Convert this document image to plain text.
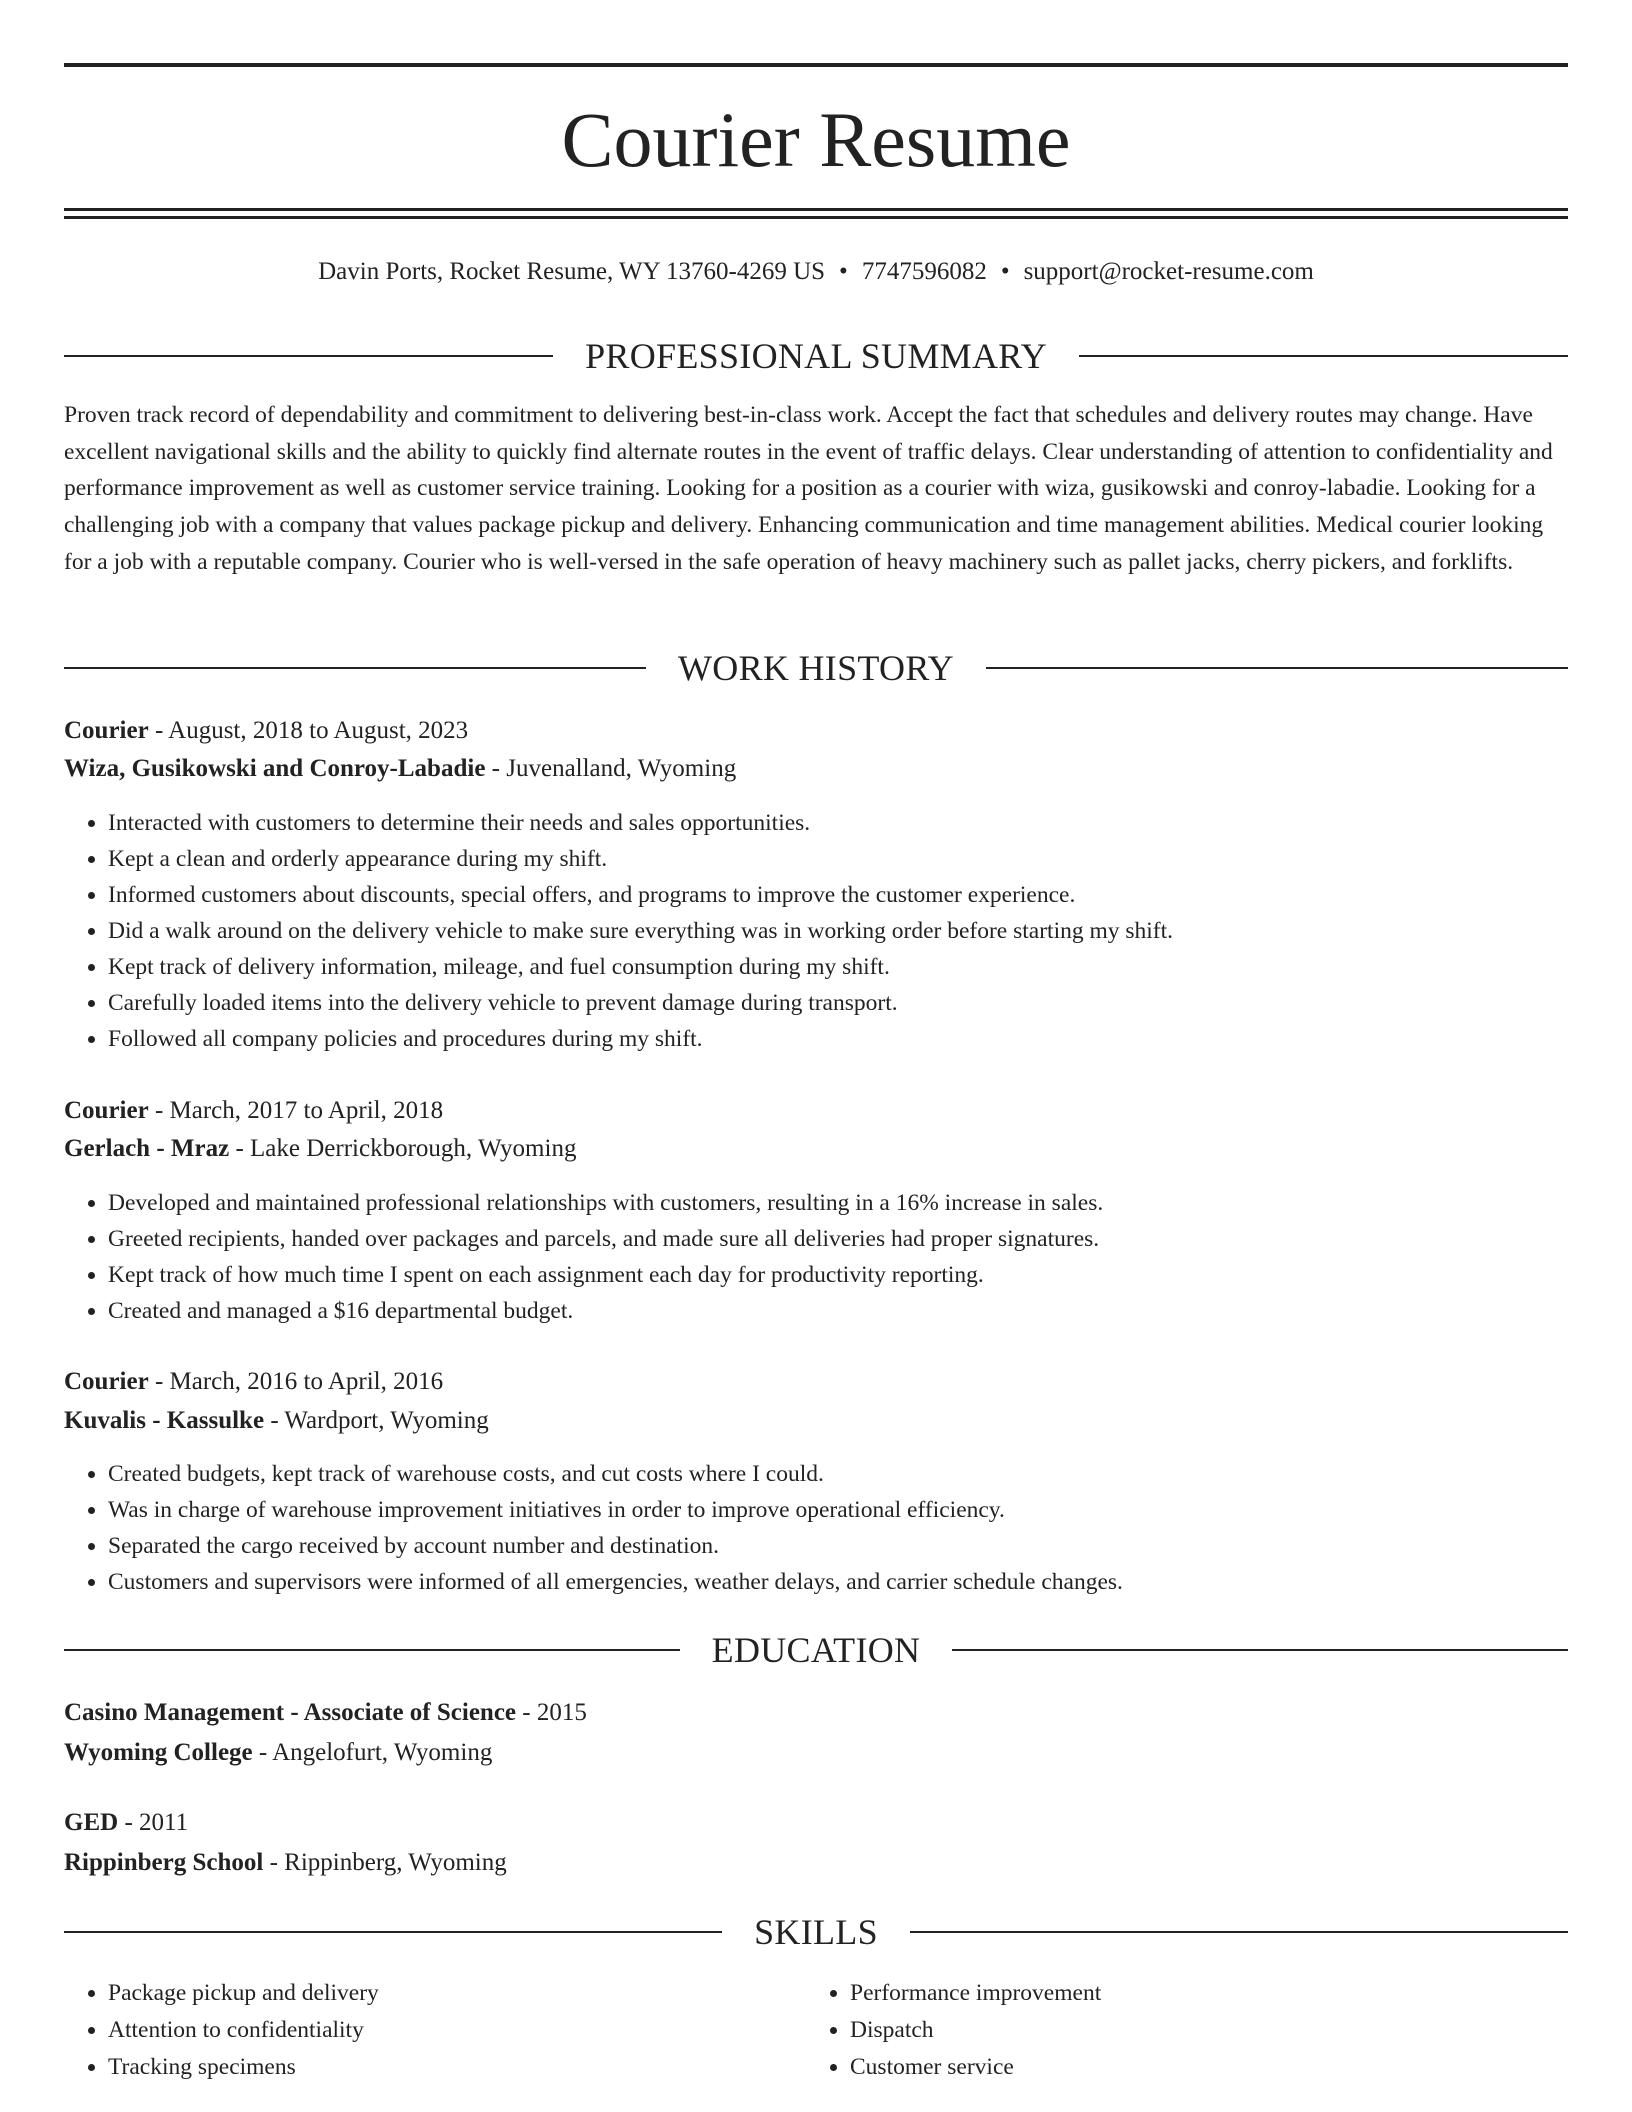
Courier Resume
Davin Ports, Rocket Resume, WY 13760-4269 US • 7747596082 • support@rocket-resume.com
PROFESSIONAL SUMMARY

Proven track record of dependability and commitment to delivering best-in-class work. Accept the fact that schedules and delivery routes may change. Have excellent navigational skills and the ability to quickly find alternate routes in the event of traffic delays. Clear understanding of attention to confidentiality and performance improvement as well as customer service training. Looking for a position as a courier with wiza, gusikowski and conroy-labadie. Looking for a challenging job with a company that values package pickup and delivery. Enhancing communication and time management abilities. Medical courier looking for a job with a reputable company. Courier who is well-versed in the safe operation of heavy machinery such as pallet jacks, cherry pickers, and forklifts.

WORK HISTORY
Courier - August, 2018 to August, 2023
Wiza, Gusikowski and Conroy-Labadie - Juvenalland, Wyoming
• Interacted with customers to determine their needs and sales opportunities.
• Kept a clean and orderly appearance during my shift.
• Informed customers about discounts, special offers, and programs to improve the customer experience.
• Did a walk around on the delivery vehicle to make sure everything was in working order before starting my shift.
• Kept track of delivery information, mileage, and fuel consumption during my shift.
• Carefully loaded items into the delivery vehicle to prevent damage during transport.
• Followed all company policies and procedures during my shift.
Courier - March, 2017 to April, 2018
Gerlach - Mraz - Lake Derrickborough, Wyoming
• Developed and maintained professional relationships with customers, resulting in a 16% increase in sales.
• Greeted recipients, handed over packages and parcels, and made sure all deliveries had proper signatures.
• Kept track of how much time I spent on each assignment each day for productivity reporting.
• Created and managed a $16 departmental budget.
Courier - March, 2016 to April, 2016
Kuvalis - Kassulke - Wardport, Wyoming
• Created budgets, kept track of warehouse costs, and cut costs where I could.
• Was in charge of warehouse improvement initiatives in order to improve operational efficiency.
• Separated the cargo received by account number and destination.
• Customers and supervisors were informed of all emergencies, weather delays, and carrier schedule changes.
EDUCATION
Casino Management - Associate of Science - 2015
Wyoming College - Angelofurt, Wyoming
GED - 2011
Rippinberg School - Rippinberg, Wyoming
SKILLS
• Package pickup and delivery
• Attention to confidentiality
• Tracking specimens
• Performance improvement
• Dispatch
• Customer service
